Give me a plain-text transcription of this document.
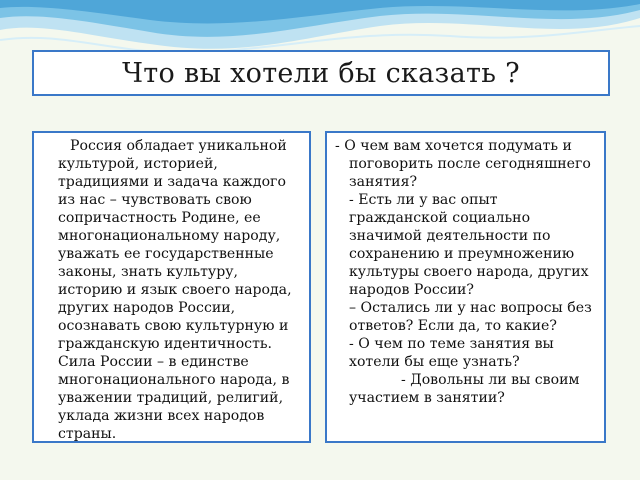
Что вы хотели бы сказать ?

Россия обладает уникальной культурой, историей, традициями и задача каждого из нас – чувствовать свою сопричастность Родине, ее многонациональному народу, уважать ее государственные законы, знать культуру, историю и язык своего народа, других народов России, осознавать свою культурную и гражданскую идентичность. Сила России – в единстве многонационального народа, в уважении традиций, религий, уклада жизни всех народов страны.

- О чем вам хочется подумать и поговорить после сегодняшнего занятия?

- Есть ли у вас опыт гражданской социально значимой деятельности по сохранению и преумножению культуры своего народа, других народов России?

– Остались ли у нас вопросы без ответов? Если да, то какие?

- О чем по теме занятия вы хотели бы еще узнать?

- Довольны ли вы своим участием в занятии?
